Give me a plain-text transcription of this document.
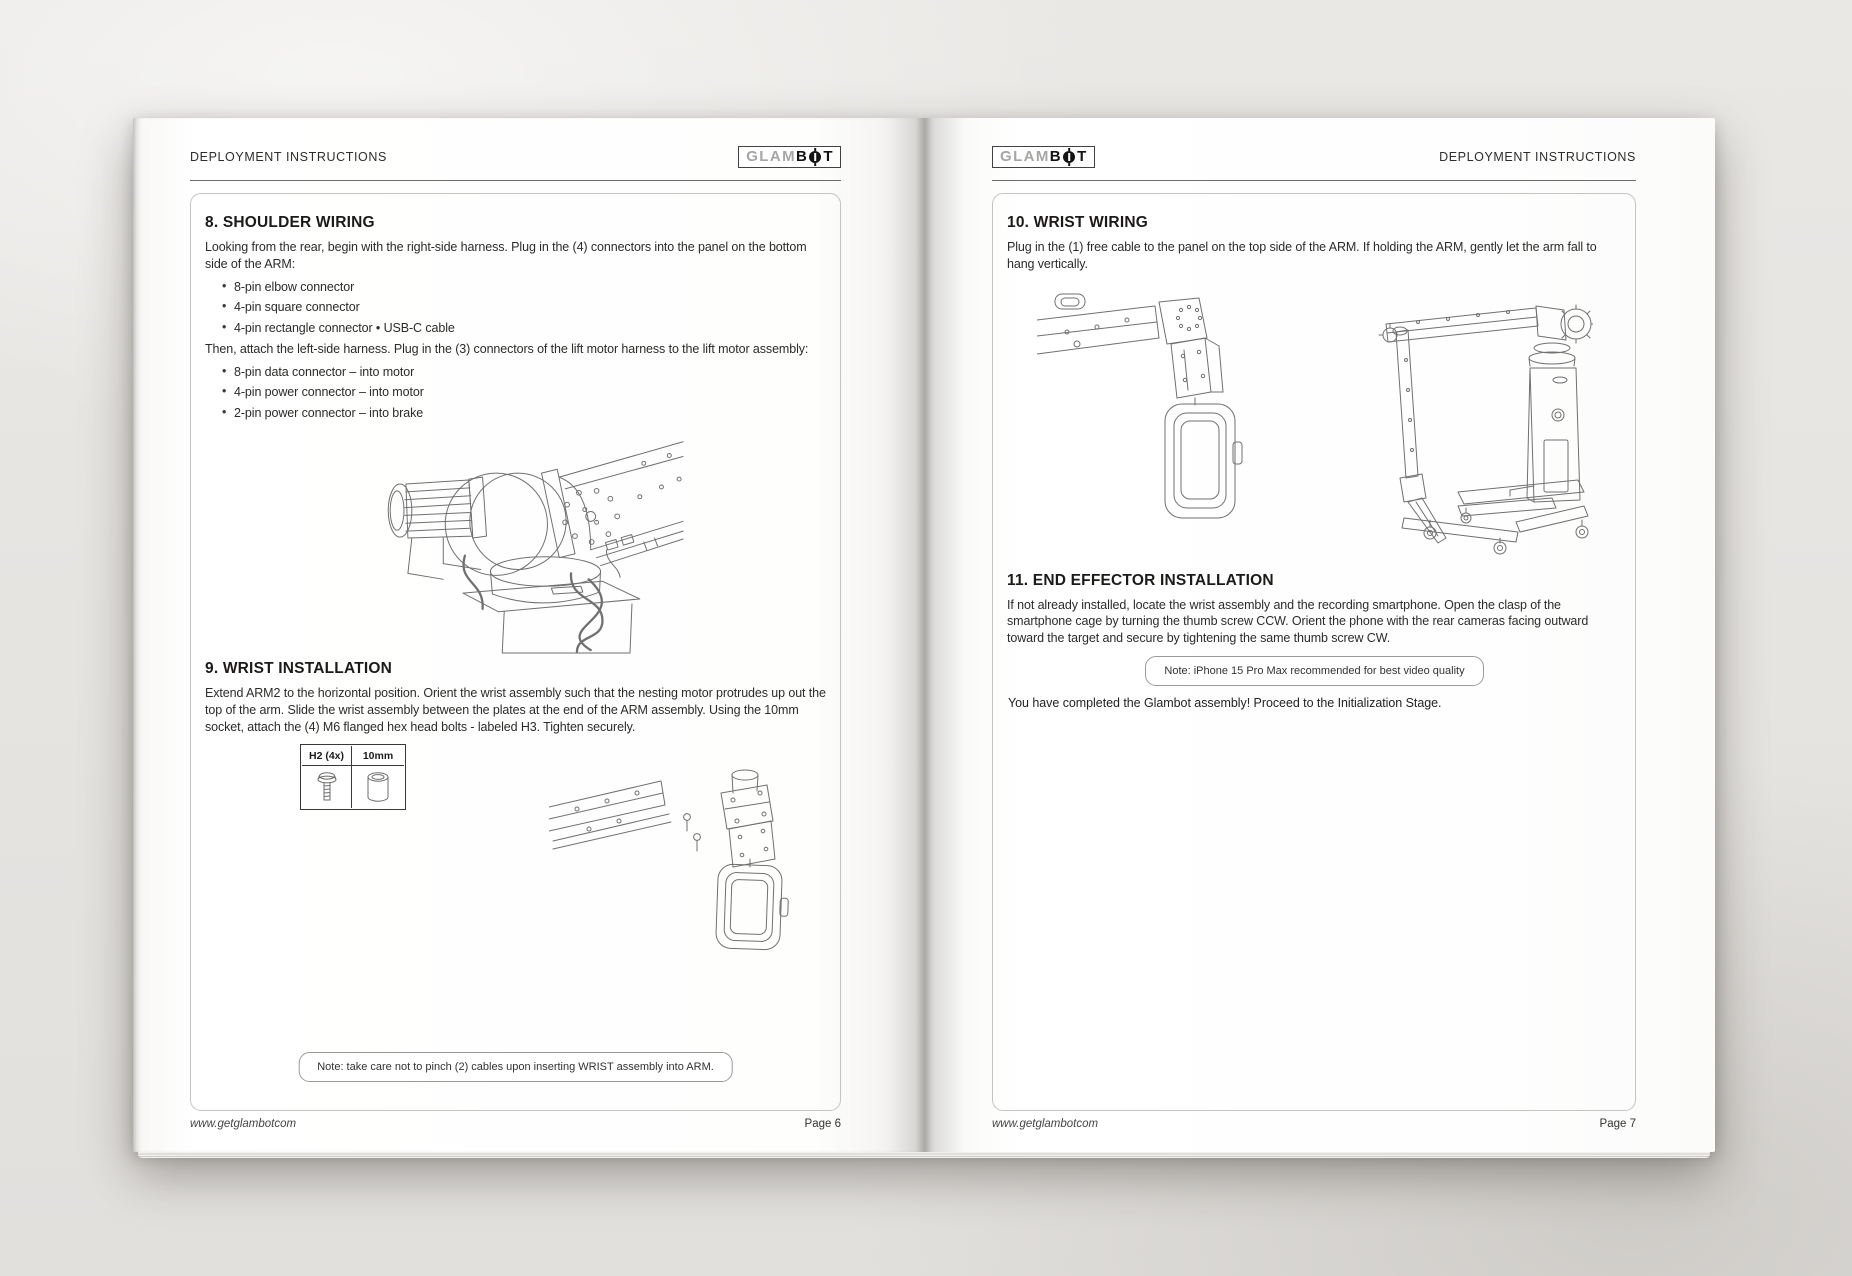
DEPLOYMENT INSTRUCTIONS	GLAM B T
8. SHOULDER WIRING

Looking from the rear, begin with the right-side harness. Plug in the (4) connectors into the panel on the bottom side of the ARM:

• 8-pin elbow connector
• 4-pin square connector
• 4-pin rectangle connector • USB-C cable

Then, attach the left-side harness. Plug in the (3) connectors of the lift motor harness to the lift motor assembly:

• 8-pin data connector – into motor
• 4-pin power connector – into motor
• 2-pin power connector – into brake
9. WRIST INSTALLATION

Extend ARM2 to the horizontal position. Orient the wrist assembly such that the nesting motor protrudes up out the top of the arm. Slide the wrist assembly between the plates at the end of the ARM assembly. Using the 10mm socket, attach the (4) M6 flanged hex head bolts - labeled H3. Tighten securely.

H2 (4x)	10mm
Note: take care not to pinch (2) cables upon inserting WRIST assembly into ARM.
www.getglambotcom	Page 6
GLAM B T	DEPLOYMENT INSTRUCTIONS
10. WRIST WIRING

Plug in the (1) free cable to the panel on the top side of the ARM. If holding the ARM, gently let the arm fall to hang vertically.

11. END EFFECTOR INSTALLATION

If not already installed, locate the wrist assembly and the recording smartphone. Open the clasp of the smartphone cage by turning the thumb screw CCW. Orient the phone with the rear cameras facing outward toward the target and secure by tightening the same thumb screw CW.

Note: iPhone 15 Pro Max recommended for best video quality

You have completed the Glambot assembly! Proceed to the Initialization Stage.

www.getglambotcom	Page 7
